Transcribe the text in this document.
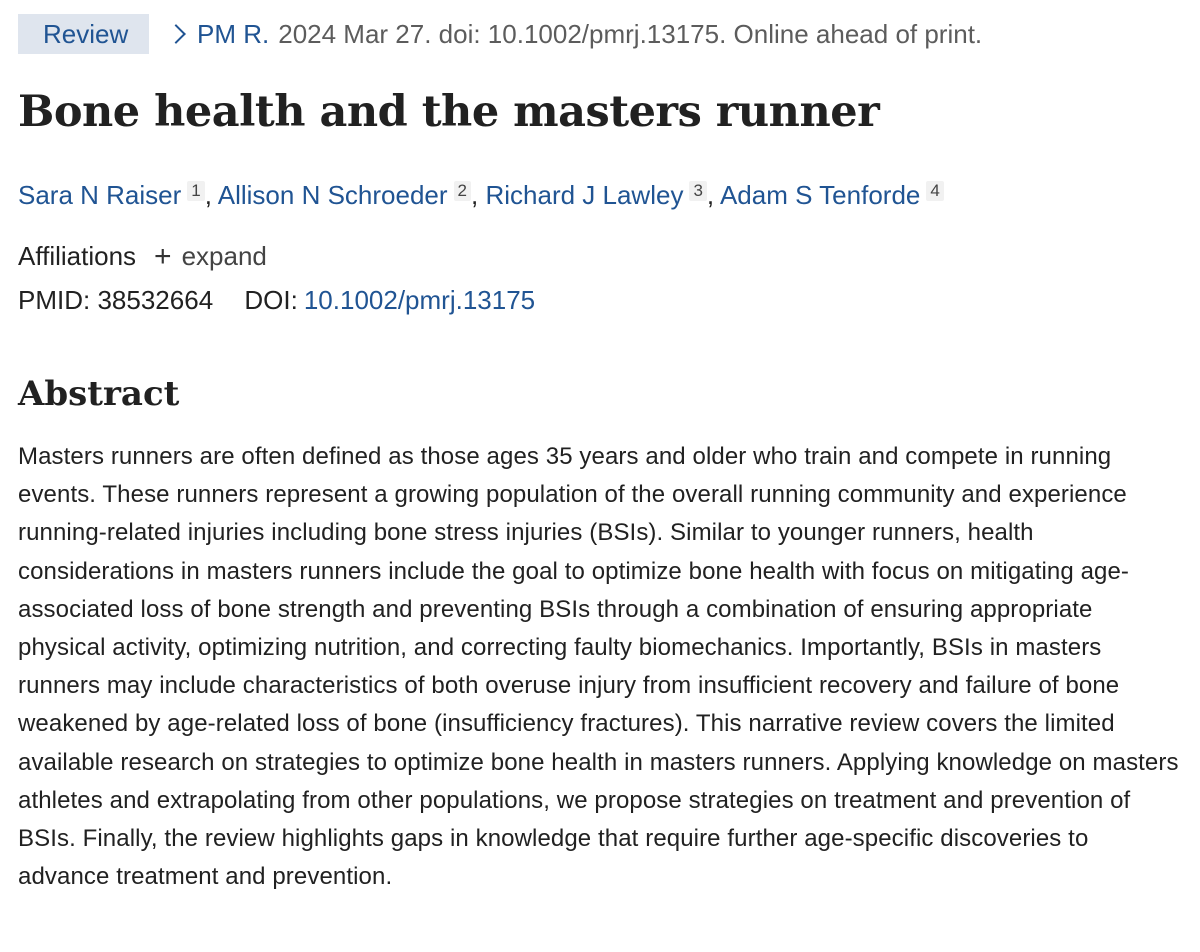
Review	PM R. 2024 Mar 27. doi: 10.1002/pmrj.13175. Online ahead of print.
Bone health and the masters runner
Sara N Raiser 1 , Allison N Schroeder 2 , Richard J Lawley 3 , Adam S Tenforde 4
Affiliations + expand
PMID: 38532664 DOI: 10.1002/pmrj.13175
Abstract

Masters runners are often defined as those ages 35 years and older who train and compete in running events. These runners represent a growing population of the overall running community and experience running-related injuries including bone stress injuries (BSIs). Similar to younger runners, health considerations in masters runners include the goal to optimize bone health with focus on mitigating age-associated loss of bone strength and preventing BSIs through a combination of ensuring appropriate physical activity, optimizing nutrition, and correcting faulty biomechanics. Importantly, BSIs in masters runners may include characteristics of both overuse injury from insufficient recovery and failure of bone weakened by age-related loss of bone (insufficiency fractures). This narrative review covers the limited available research on strategies to optimize bone health in masters runners. Applying knowledge on masters athletes and extrapolating from other populations, we propose strategies on treatment and prevention of BSIs. Finally, the review highlights gaps in knowledge that require further age-specific discoveries to advance treatment and prevention.
